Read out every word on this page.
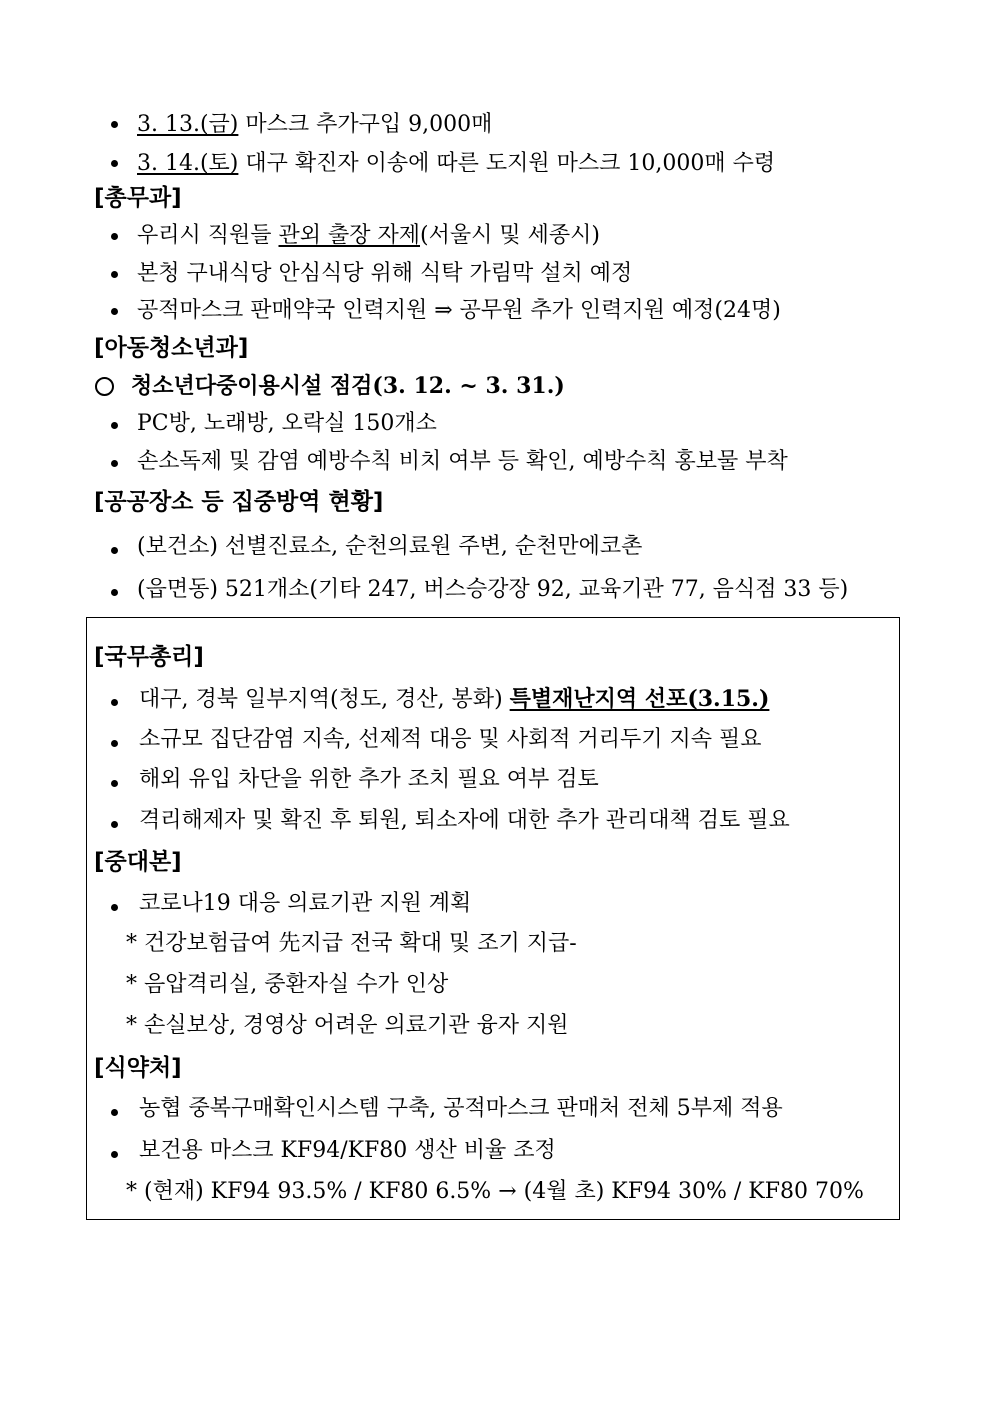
3. 13.(금) 마스크 추가구입 9,000매
3. 14.(토) 대구 확진자 이송에 따른 도지원 마스크 10,000매 수령
[총무과]
우리시 직원들 관외 출장 자제(서울시 및 세종시)
본청 구내식당 안심식당 위해 식탁 가림막 설치 예정
공적마스크 판매약국 인력지원 ⇒ 공무원 추가 인력지원 예정(24명)
[아동청소년과]
청소년다중이용시설 점검(3. 12. ~ 3. 31.)
PC방, 노래방, 오락실 150개소
손소독제 및 감염 예방수칙 비치 여부 등 확인, 예방수칙 홍보물 부착
[공공장소 등 집중방역 현황]
(보건소) 선별진료소, 순천의료원 주변, 순천만에코촌
(읍면동) 521개소(기타 247, 버스승강장 92, 교육기관 77, 음식점 33 등)
[국무총리]
대구, 경북 일부지역(청도, 경산, 봉화) 특별재난지역 선포(3.15.)
소규모 집단감염 지속, 선제적 대응 및 사회적 거리두기 지속 필요
해외 유입 차단을 위한 추가 조치 필요 여부 검토
격리해제자 및 확진 후 퇴원, 퇴소자에 대한 추가 관리대책 검토 필요
[중대본]
코로나19 대응 의료기관 지원 계획
* 건강보험급여 先지급 전국 확대 및 조기 지급-
* 음압격리실, 중환자실 수가 인상
* 손실보상, 경영상 어려운 의료기관 융자 지원
[식약처]
농협 중복구매확인시스템 구축, 공적마스크 판매처 전체 5부제 적용
보건용 마스크 KF94/KF80 생산 비율 조정
* (현재) KF94 93.5% / KF80 6.5% → (4월 초) KF94 30% / KF80 70%
